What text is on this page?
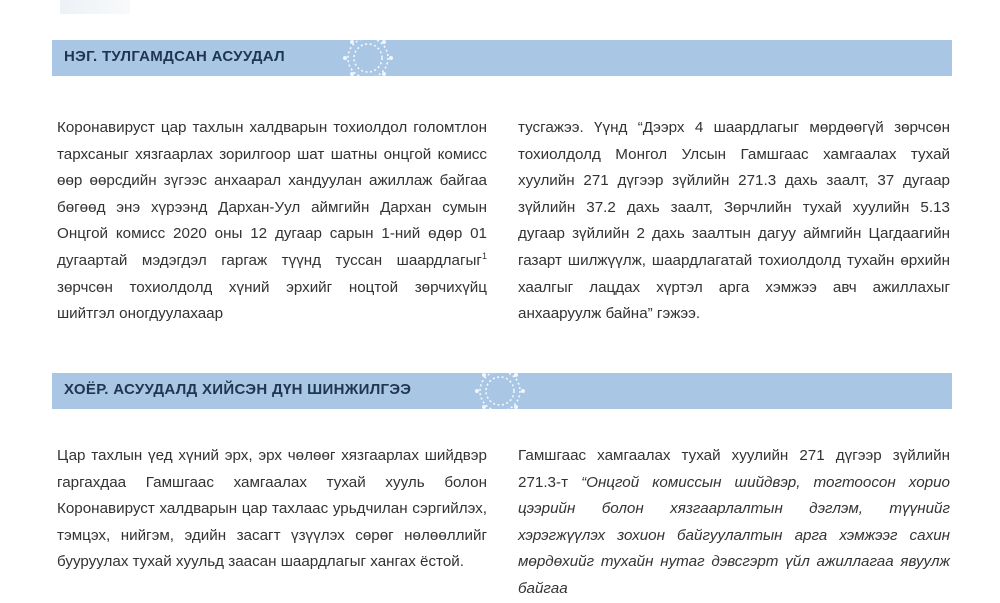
НЭГ. ТУЛГАМДСАН АСУУДАЛ

Коронавируст цар тахлын халдварын тохиолдол голомтлон тархсаныг хязгаарлах зорилгоор шат шатны онцгой комисс өөр өөрсдийн зүгээс анхаарал хандуулан ажиллаж байгаа бөгөөд энэ хүрээнд Дархан-Уул аймгийн Дархан сумын Онцгой комисс 2020 оны 12 дугаар сарын 1-ний өдөр 01 дугаартай мэдэгдэл гаргаж түүнд туссан шаардлагыг$^1$ зөрчсөн тохиолдолд хүний эрхийг ноцтой зөрчихүйц шийтгэл оногдуулахаар

тусгажээ. Үүнд “Дээрх 4 шаардлагыг мөрдөөгүй зөрчсөн тохиолдолд Монгол Улсын Гамшгаас хамгаалах тухай хуулийн 271 дүгээр зүйлийн 271.3 дахь заалт, 37 дугаар зүйлийн 37.2 дахь заалт, Зөрчлийн тухай хуулийн 5.13 дугаар зүйлийн 2 дахь заалтын дагуу аймгийн Цагдаагийн газарт шилжүүлж, шаардлагатай тохиолдолд тухайн өрхийн хаалгыг лацдах хүртэл арга хэмжээ авч ажиллахыг анхааруулж байна” гэжээ.

ХОЁР. АСУУДАЛД ХИЙСЭН ДҮН ШИНЖИЛГЭЭ

Цар тахлын үед хүний эрх, эрх чөлөөг хязгаарлах шийдвэр гаргахдаа Гамшгаас хамгаалах тухай хууль болон Коронавируст халдварын цар тахлаас урьдчилан сэргийлэх, тэмцэх, нийгэм, эдийн засагт үзүүлэх сөрөг нөлөөллийг бууруулах тухай хуульд заасан шаардлагыг хангах ёстой.

Гамшгаас хамгаалах тухай хуулийн 271 дүгээр зүйлийн 271.3-т “Онцгой комиссын шийдвэр, тогтоосон хорио цээрийн болон хязгаарлалтын дэглэм, түүнийг хэрэгжүүлэх зохион байгуулалтын арга хэмжээг сахин мөрдөхийг тухайн нутаг дэвсгэрт үйл ажиллагаа явуулж байгаа
